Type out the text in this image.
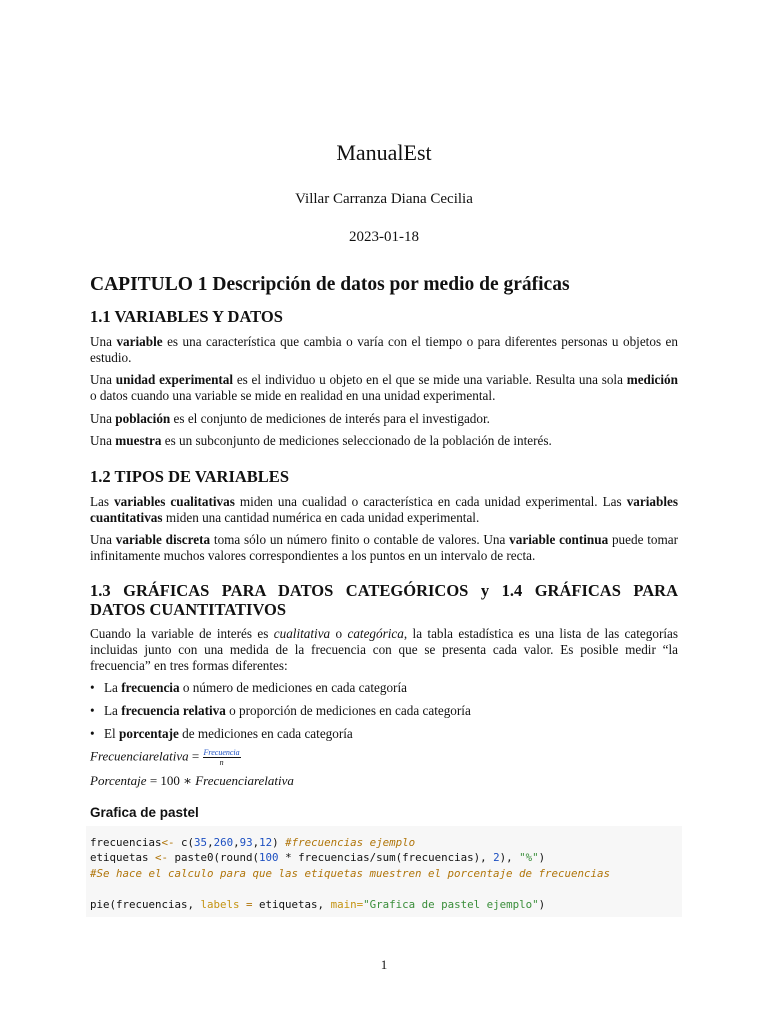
ManualEst
Villar Carranza Diana Cecilia
2023-01-18
CAPITULO 1 Descripción de datos por medio de gráficas
1.1 VARIABLES Y DATOS

Una variable es una característica que cambia o varía con el tiempo o para diferentes personas u objetos en estudio.

Una unidad experimental es el individuo u objeto en el que se mide una variable. Resulta una sola medición o datos cuando una variable se mide en realidad en una unidad experimental.

Una población es el conjunto de mediciones de interés para el investigador.

Una muestra es un subconjunto de mediciones seleccionado de la población de interés.

1.2 TIPOS DE VARIABLES

Las variables cualitativas miden una cualidad o característica en cada unidad experimental. Las variables cuantitativas miden una cantidad numérica en cada unidad experimental.

Una variable discreta toma sólo un número finito o contable de valores. Una variable continua puede tomar infinitamente muchos valores correspondientes a los puntos en un intervalo de recta.

1.3 GRÁFICAS PARA DATOS CATEGÓRICOS y 1.4 GRÁFICAS PARA
DATOS CUANTITATIVOS

Cuando la variable de interés es cualitativa o categórica, la tabla estadística es una lista de las categorías incluidas junto con una medida de la frecuencia con que se presenta cada valor. Es posible medir “la frecuencia” en tres formas diferentes:

• La frecuencia o número de mediciones en cada categoría
• La frecuencia relativa o proporción de mediciones en cada categoría
• El porcentaje de mediciones en cada categoría
Frecuenciarelativa = $\frac{\text{Frecuencia}}{n}$
Porcentaje = 100 ∗ Frecuenciarelativa
Grafica de pastel
frecuencias<- c(35,260,93,12) #frecuencias ejemplo
etiquetas <- paste0(round(100 * frecuencias/sum(frecuencias), 2), "%")
#Se hace el calculo para que las etiquetas muestren el porcentaje de frecuencias
pie(frecuencias, labels = etiquetas, main="Grafica de pastel ejemplo")
1
